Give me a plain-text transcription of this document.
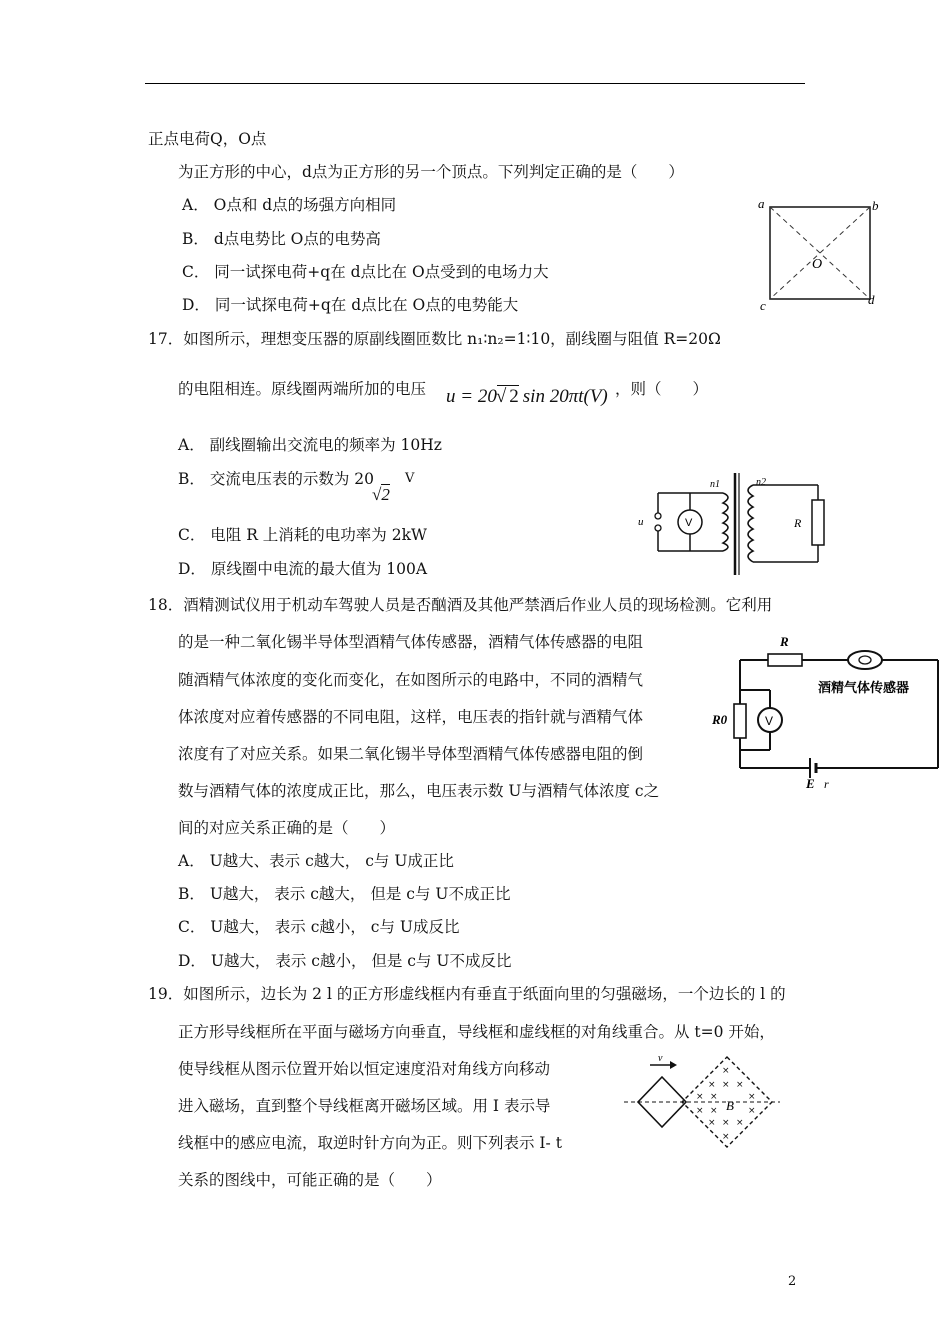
正点电荷Q，O点
为正方形的中心，d点为正方形的另一个顶点。下列判定正确的是（　　）
A． O点和 d点的场强方向相同
B． d点电势比 O点的电势高
C． 同一试探电荷+q在 d点比在 O点受到的电场力大
D． 同一试探电荷+q在 d点比在 O点的电势能大
a	b
c	d
O
17．如图所示，理想变压器的原副线圈匝数比 n₁∶n₂=1∶10，副线圈与阻值 R=20Ω
的电阻相连。原线圈两端所加的电压 u = 20√ 2 sin 20πt(V) ，则（　　）
A． 副线圈输出交流电的频率为 10Hz
B． 交流电压表的示数为 20
√2
V
C． 电阻 R 上消耗的电功率为 2kW
D． 原线圈中电流的最大值为 100A
u	V
n1	n2
R
18．酒精测试仪用于机动车驾驶人员是否酗酒及其他严禁酒后作业人员的现场检测。它利用
的是一种二氧化锡半导体型酒精气体传感器，酒精气体传感器的电阻
随酒精气体浓度的变化而变化，在如图所示的电路中，不同的酒精气
体浓度对应着传感器的不同电阻，这样，电压表的指针就与酒精气体
浓度有了对应关系。如果二氧化锡半导体型酒精气体传感器电阻的倒
数与酒精气体的浓度成正比，那么，电压表示数 U与酒精气体浓度 c之
间的对应关系正确的是（　　）
R
酒精气体传感器
E r
R0	V
A． U越大、表示 c越大， c与 U成正比
B． U越大， 表示 c越大， 但是 c与 U不成正比
C． U越大， 表示 c越小， c与 U成反比
D． U越大， 表示 c越小， 但是 c与 U不成反比
19．如图所示，边长为 2 l 的正方形虚线框内有垂直于纸面向里的匀强磁场，一个边长的 l 的
正方形导线框所在平面与磁场方向垂直，导线框和虚线框的对角线重合。从 t=0 开始，
使导线框从图示位置开始以恒定速度沿对角线方向移动
进入磁场，直到整个导线框离开磁场区域。用 I 表示导
线框中的感应电流，取逆时针方向为正。则下列表示 I- t
关系的图线中，可能正确的是（　　）
v
×
× × ×
× ×	×
× ×	×
× × ×
×
B
2
